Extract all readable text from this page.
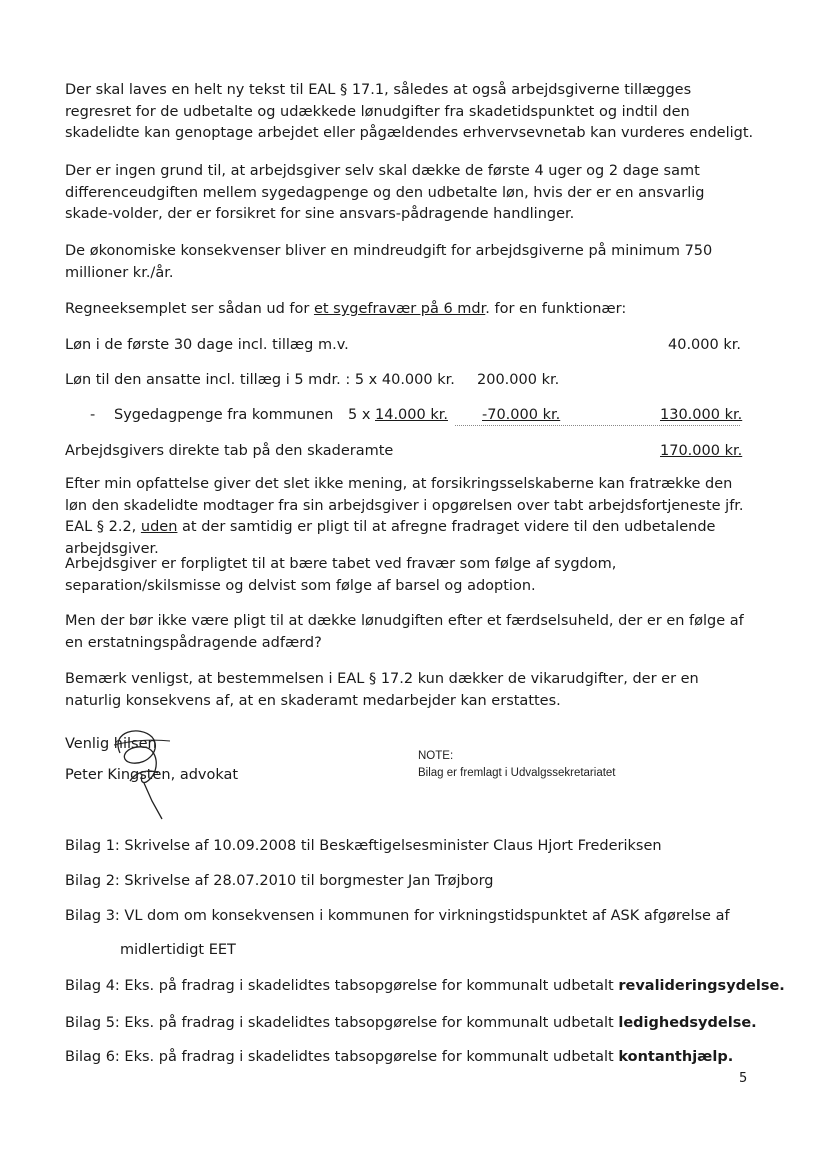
Der skal laves en helt ny tekst til EAL § 17.1, således at også arbejdsgiverne tillægges regresret for de udbetalte og udækkede lønudgifter fra skadetidspunktet og indtil den skadelidte kan genoptage arbejdet eller pågældendes erhvervsevnetab kan vurderes endeligt.

Der er ingen grund til, at arbejdsgiver selv skal dække de første 4 uger og 2 dage samt differenceudgiften mellem sygedagpenge og den udbetalte løn, hvis der er en ansvarlig skade-volder, der er forsikret for sine ansvars-pådragende handlinger.

De økonomiske konsekvenser bliver en mindreudgift for arbejdsgiverne på minimum 750 millioner kr./år.

Regneeksemplet ser sådan ud for et sygefravær på 6 mdr. for en funktionær:

Løn i de første 30 dage incl. tillæg m.v.	40.000 kr.
Løn til den ansatte incl. tillæg i 5 mdr. : 5 x 40.000 kr. 200.000 kr.
- Sygedagpenge fra kommunen 5 x 14.000 kr. -70.000 kr.	130.000 kr.
Arbejdsgivers direkte tab på den skaderamte	170.000 kr.

Efter min opfattelse giver det slet ikke mening, at forsikringsselskaberne kan fratrække den løn den skadelidte modtager fra sin arbejdsgiver i opgørelsen over tabt arbejdsfortjeneste jfr. EAL § 2.2, uden at der samtidig er pligt til at afregne fradraget videre til den udbetalende arbejdsgiver.

Arbejdsgiver er forpligtet til at bære tabet ved fravær som følge af sygdom, separation/skilsmisse og delvist som følge af barsel og adoption.

Men der bør ikke være pligt til at dække lønudgiften efter et færdselsuheld, der er en følge af en erstatningspådragende adfærd?

Bemærk venligst, at bestemmelsen i EAL § 17.2 kun dækker de vikarudgifter, der er en naturlig konsekvens af, at en skaderamt medarbejder kan erstattes.

Venlig hilsen
Peter Kingsten, advokat
NOTE:
Bilag er fremlagt i Udvalgssekretariatet
Bilag 1: Skrivelse af 10.09.2008 til Beskæftigelsesminister Claus Hjort Frederiksen
Bilag 2: Skrivelse af 28.07.2010 til borgmester Jan Trøjborg
Bilag 3: VL dom om konsekvensen i kommunen for virkningstidspunktet af ASK afgørelse af
midlertidigt EET
Bilag 4: Eks. på fradrag i skadelidtes tabsopgørelse for kommunalt udbetalt revalideringsydelse.
Bilag 5: Eks. på fradrag i skadelidtes tabsopgørelse for kommunalt udbetalt ledighedsydelse.
Bilag 6: Eks. på fradrag i skadelidtes tabsopgørelse for kommunalt udbetalt kontanthjælp.
5
